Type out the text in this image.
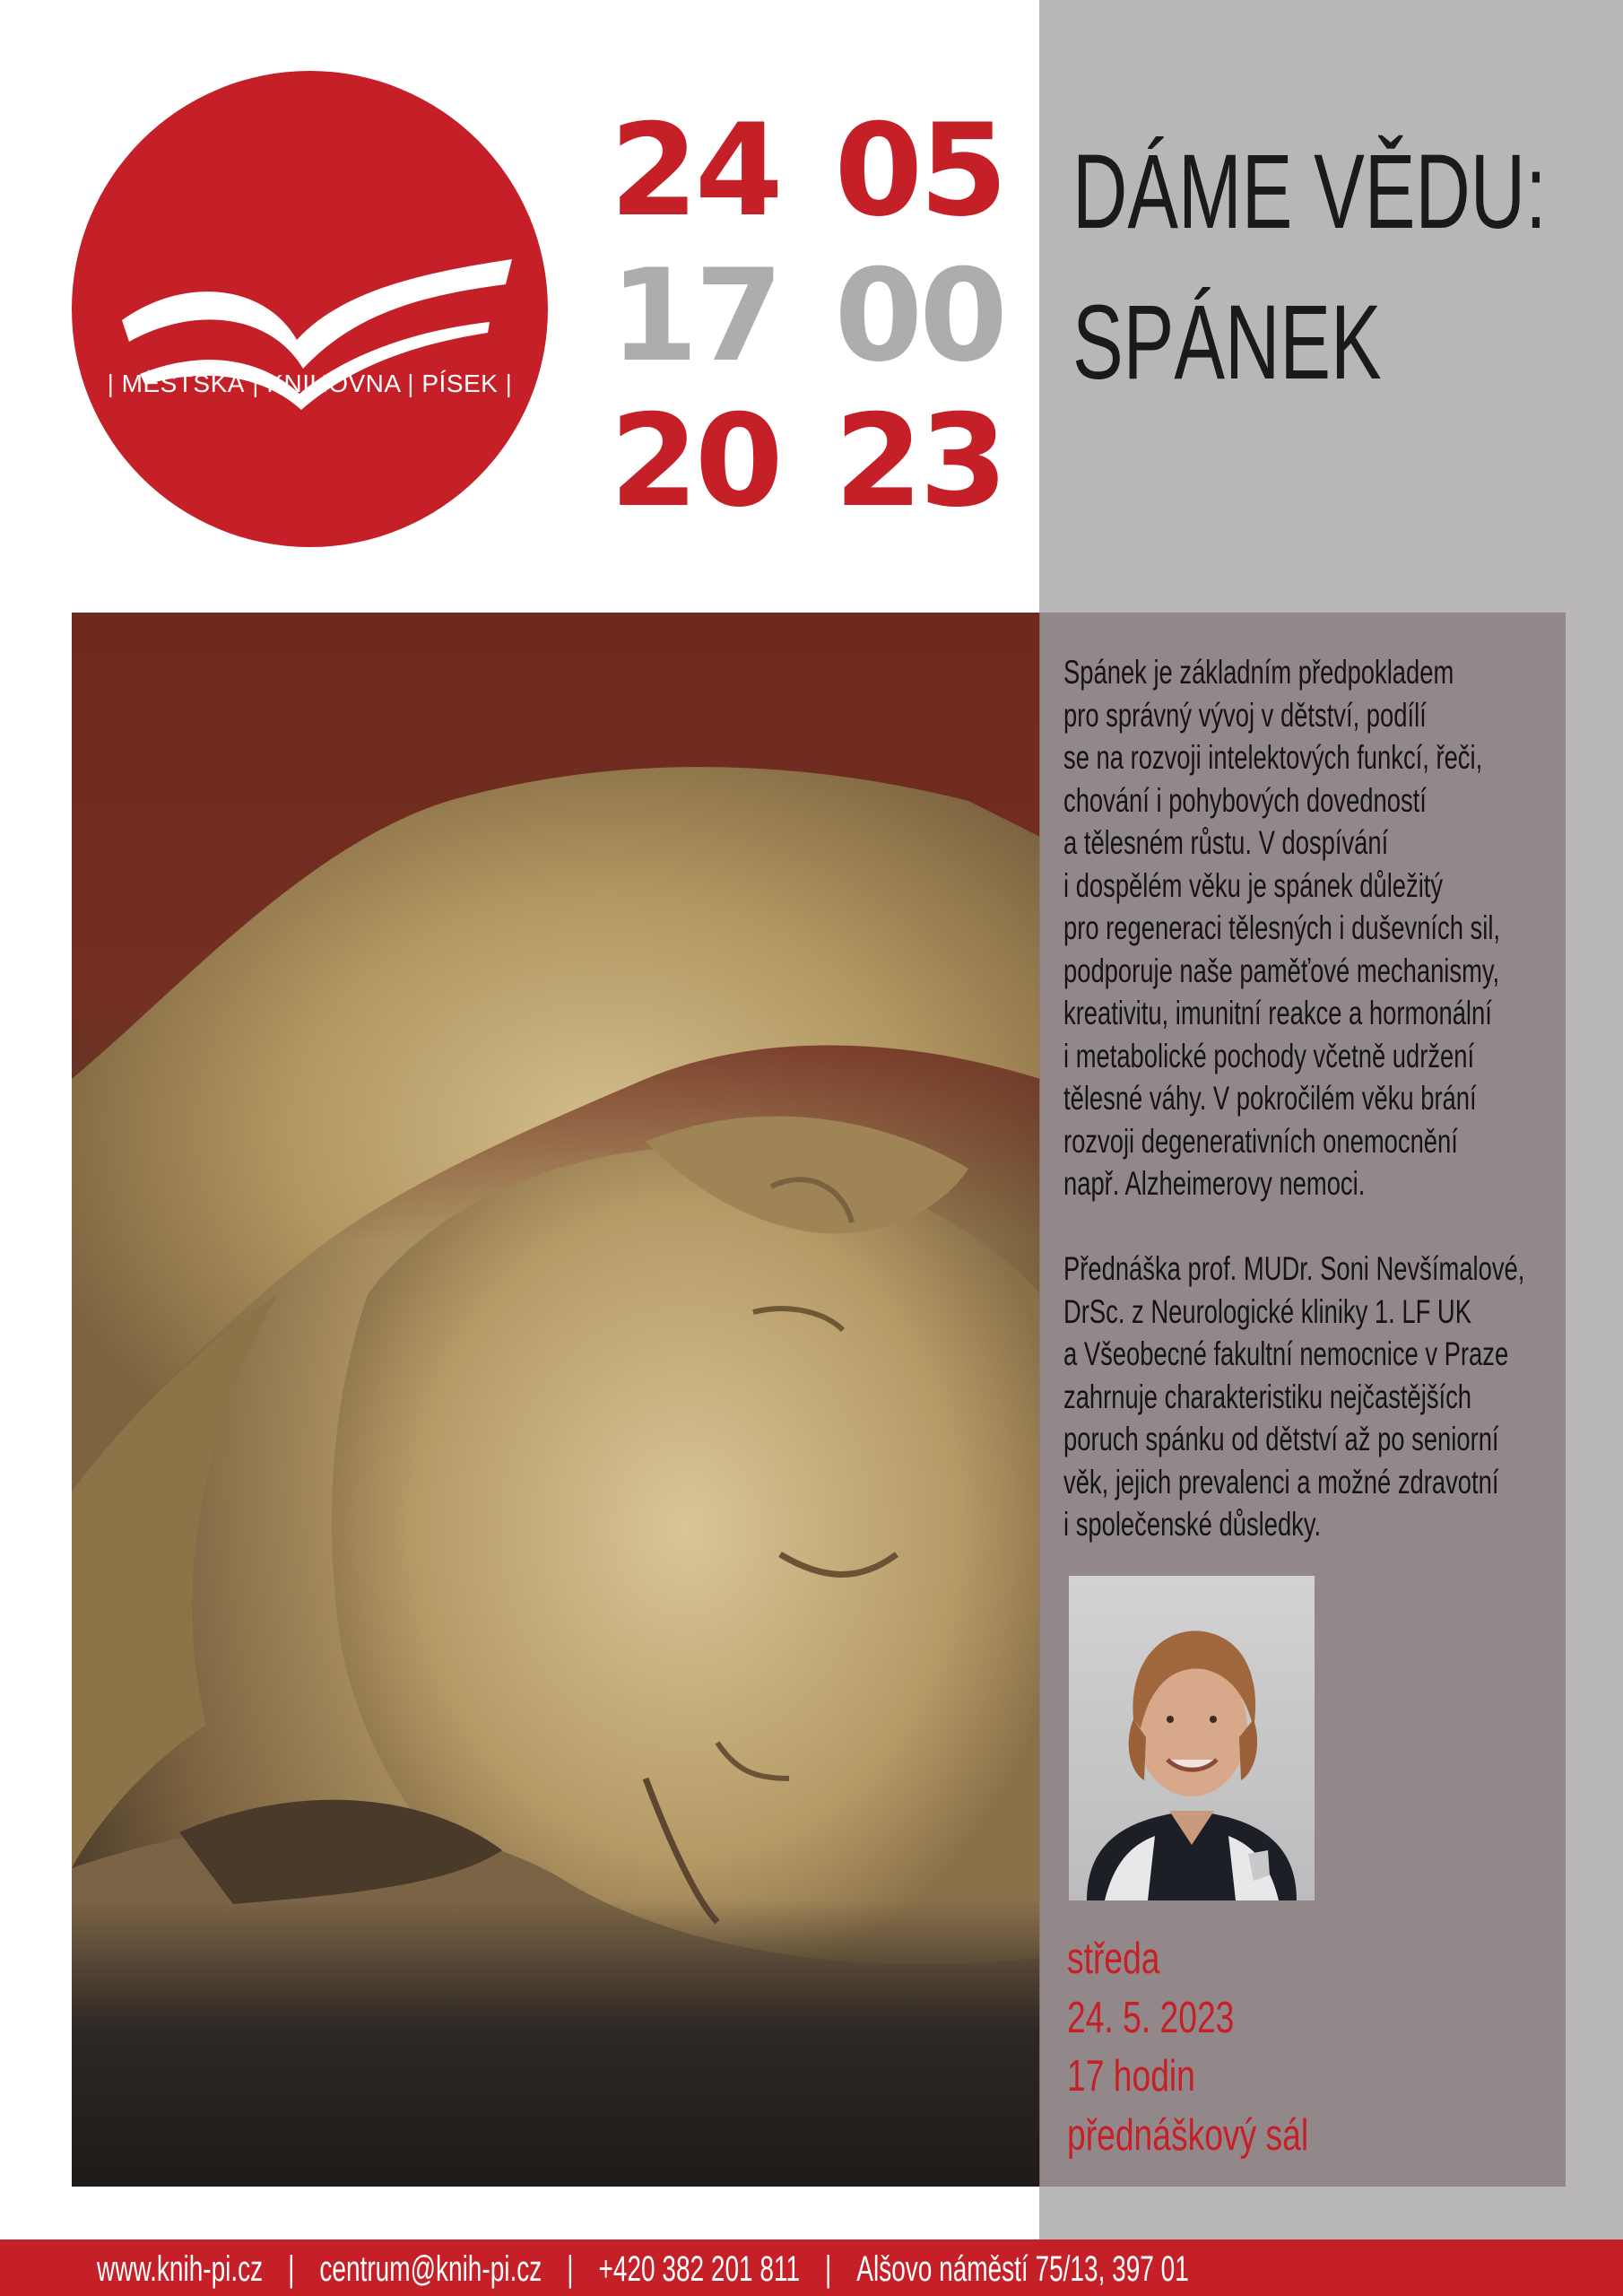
| MĚSTSKÁ | KNIHOVNA | PÍSEK |
24 05
17 00
20 23
DÁME VĚDU:
SPÁNEK

Spánek je základním předpokladem

pro správný vývoj v dětství, podílí

se na rozvoji intelektových funkcí, řeči,

chování i pohybových dovedností

a tělesném růstu. V dospívání

i dospělém věku je spánek důležitý

pro regeneraci tělesných i duševních sil,

podporuje naše paměťové mechanismy,

kreativitu, imunitní reakce a hormonální

i metabolické pochody včetně udržení

tělesné váhy. V pokročilém věku brání

rozvoji degenerativních onemocnění

např. Alzheimerovy nemoci.

Přednáška prof. MUDr. Soni Nevšímalové,

DrSc. z Neurologické kliniky 1. LF UK

a Všeobecné fakultní nemocnice v Praze

zahrnuje charakteristiku nejčastějších

poruch spánku od dětství až po seniorní

věk, jejich prevalenci a možné zdravotní

i společenské důsledky.

středa
24. 5. 2023
17 hodin
přednáškový sál
www.knih-pi.cz | centrum@knih-pi.cz | +420 382 201 811 | Alšovo náměstí 75/13, 397 01
